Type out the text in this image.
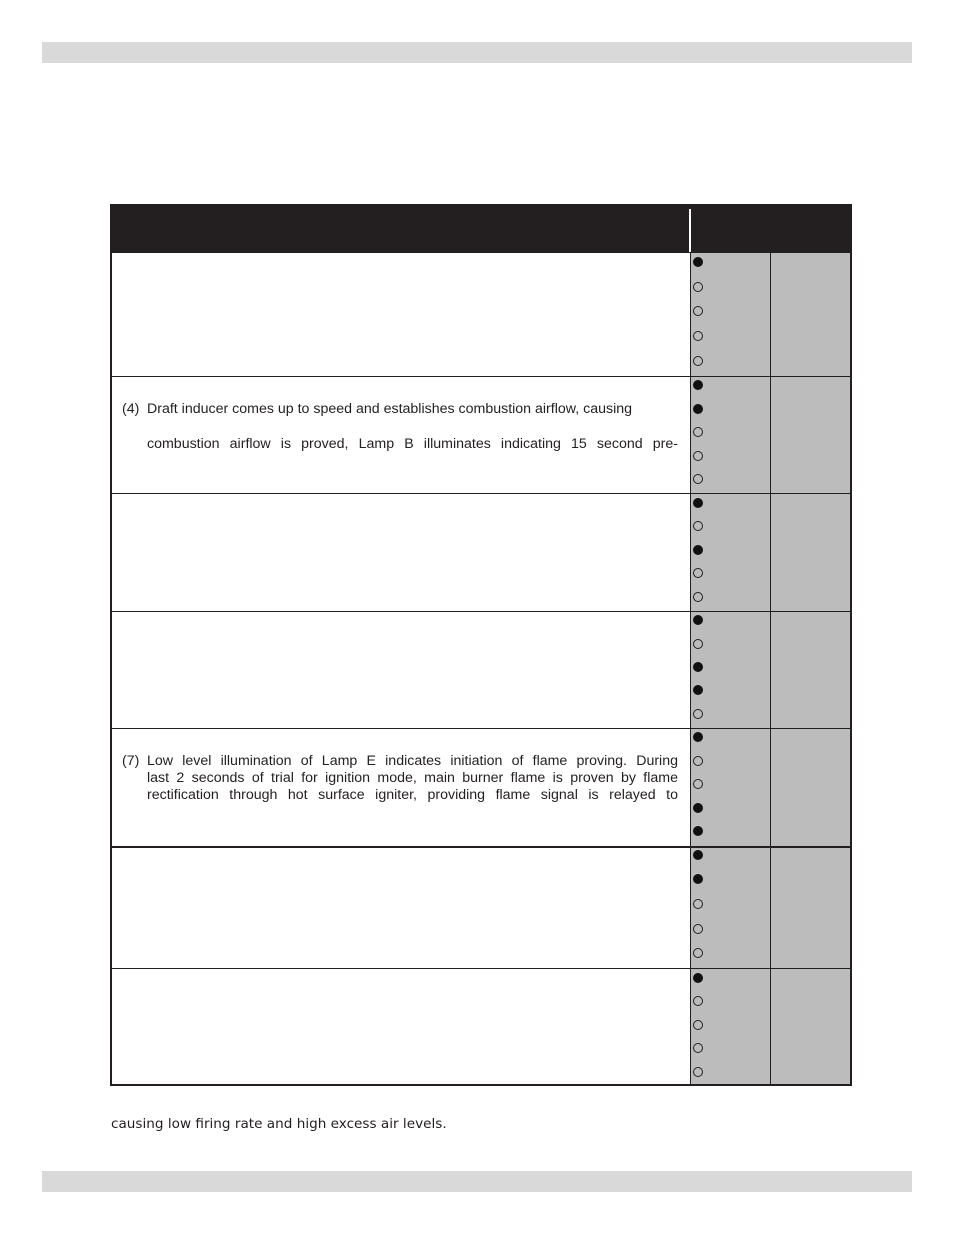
(4) Draft inducer comes up to speed and establishes combustion airflow, causing
combustion airflow is proved, Lamp B illuminates indicating 15 second pre-
(7) Low level illumination of Lamp E indicates initiation of flame proving. During
last 2 seconds of trial for ignition mode, main burner flame is proven by flame
rectification through hot surface igniter, providing flame signal is relayed to
causing low firing rate and high excess air levels.
